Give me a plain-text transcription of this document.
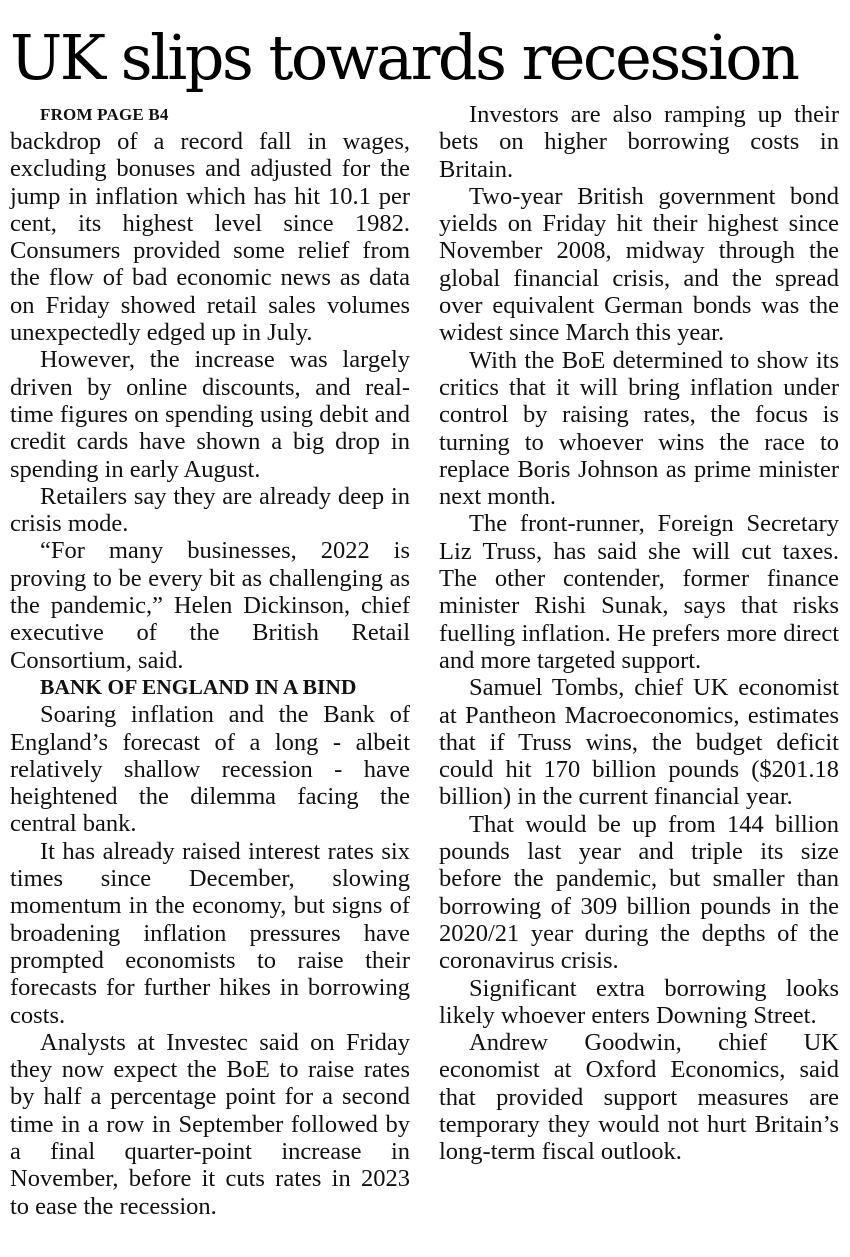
UK slips towards recession

FROM PAGE B4

backdrop of a record fall in wages, excluding bonuses and adjusted for the jump in inflation which has hit 10.1 per cent, its highest level since 1982. Consumers provided some relief from the flow of bad economic news as data on Friday showed retail sales volumes unexpectedly edged up in July.

However, the increase was largely driven by online discounts, and real-time figures on spending using debit and credit cards have shown a big drop in spending in early August.

Retailers say they are already deep in crisis mode.

“For many businesses, 2022 is proving to be every bit as challenging as the pandemic,” Helen Dickinson, chief executive of the British Retail Consortium, said.

BANK OF ENGLAND IN A BIND

Soaring inflation and the Bank of England’s forecast of a long - albeit relatively shallow recession - have heightened the dilemma facing the central bank.

It has already raised interest rates six times since December, slowing momentum in the economy, but signs of broadening inflation pressures have prompted economists to raise their forecasts for further hikes in borrowing costs.

Analysts at Investec said on Friday they now expect the BoE to raise rates by half a percentage point for a second time in a row in September followed by a final quarter-point increase in November, before it cuts rates in 2023 to ease the recession.

Investors are also ramping up their bets on higher borrowing costs in Britain.

Two-year British government bond yields on Friday hit their highest since November 2008, midway through the global financial crisis, and the spread over equivalent German bonds was the widest since March this year.

With the BoE determined to show its critics that it will bring inflation under control by raising rates, the focus is turning to whoever wins the race to replace Boris Johnson as prime minister next month.

The front-runner, Foreign Secretary Liz Truss, has said she will cut taxes. The other contender, former finance minister Rishi Sunak, says that risks fuelling inflation. He prefers more direct and more targeted support.

Samuel Tombs, chief UK economist at Pantheon Macroeconomics, estimates that if Truss wins, the budget deficit could hit 170 billion pounds ($201.18 billion) in the current financial year.

That would be up from 144 billion pounds last year and triple its size before the pandemic, but smaller than borrowing of 309 billion pounds in the 2020/21 year during the depths of the coronavirus crisis.

Significant extra borrowing looks likely whoever enters Downing Street.

Andrew Goodwin, chief UK economist at Oxford Economics, said that provided support measures are temporary they would not hurt Britain’s long-term fiscal outlook.
